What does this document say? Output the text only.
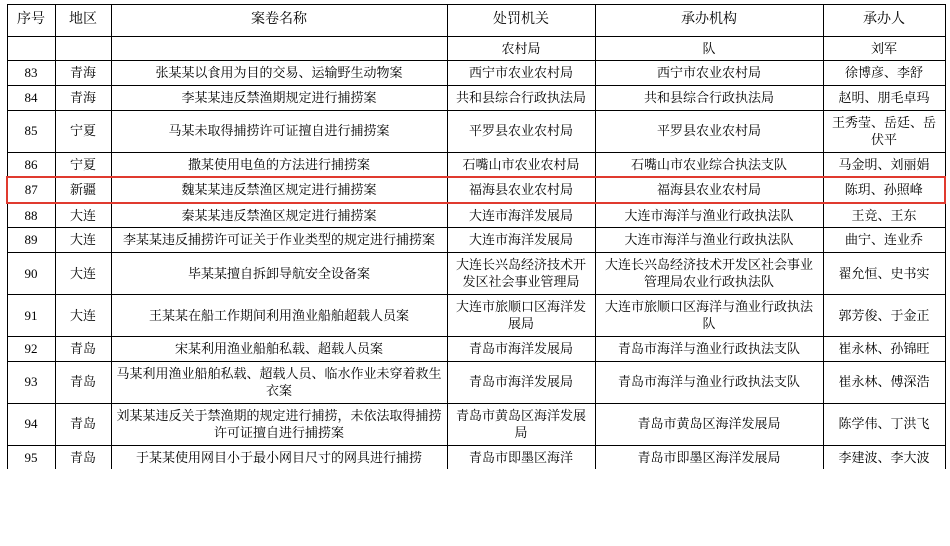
序号	地区	案卷名称	处罚机关	承办机构	承办人
			农村局	队	刘军
83	青海	张某某以食用为目的交易、运输野生动物案	西宁市农业农村局	西宁市农业农村局	徐博彦、李舒
84	青海	李某某违反禁渔期规定进行捕捞案	共和县综合行政执法局	共和县综合行政执法局	赵明、朋毛卓玛
85	宁夏	马某未取得捕捞许可证擅自进行捕捞案	平罗县农业农村局	平罗县农业农村局	王秀莹、岳廷、岳伏平
86	宁夏	撒某使用电鱼的方法进行捕捞案	石嘴山市农业农村局	石嘴山市农业综合执法支队	马金明、刘丽娟
87	新疆	魏某某违反禁渔区规定进行捕捞案	福海县农业农村局	福海县农业农村局	陈玥、孙照峰
88	大连	秦某某违反禁渔区规定进行捕捞案	大连市海洋发展局	大连市海洋与渔业行政执法队	王竞、王东
89	大连	李某某违反捕捞许可证关于作业类型的规定进行捕捞案	大连市海洋发展局	大连市海洋与渔业行政执法队	曲宁、连业乔
90	大连	毕某某擅自拆卸导航安全设备案	大连长兴岛经济技术开发区社会事业管理局	大连长兴岛经济技术开发区社会事业管理局农业行政执法队	翟允恒、史书实
91	大连	王某某在船工作期间利用渔业船舶超载人员案	大连市旅顺口区海洋发展局	大连市旅顺口区海洋与渔业行政执法队	郭芳俊、于金正
92	青岛	宋某利用渔业船舶私载、超载人员案	青岛市海洋发展局	青岛市海洋与渔业行政执法支队	崔永林、孙锦旺
93	青岛	马某利用渔业船舶私载、超载人员、临水作业未穿着救生衣案	青岛市海洋发展局	青岛市海洋与渔业行政执法支队	崔永林、傅深浩
94	青岛	刘某某违反关于禁渔期的规定进行捕捞，未依法取得捕捞许可证擅自进行捕捞案	青岛市黄岛区海洋发展局	青岛市黄岛区海洋发展局	陈学伟、丁洪飞
95	青岛	于某某使用网目小于最小网目尺寸的网具进行捕捞	青岛市即墨区海洋	青岛市即墨区海洋发展局	李建波、李大波
